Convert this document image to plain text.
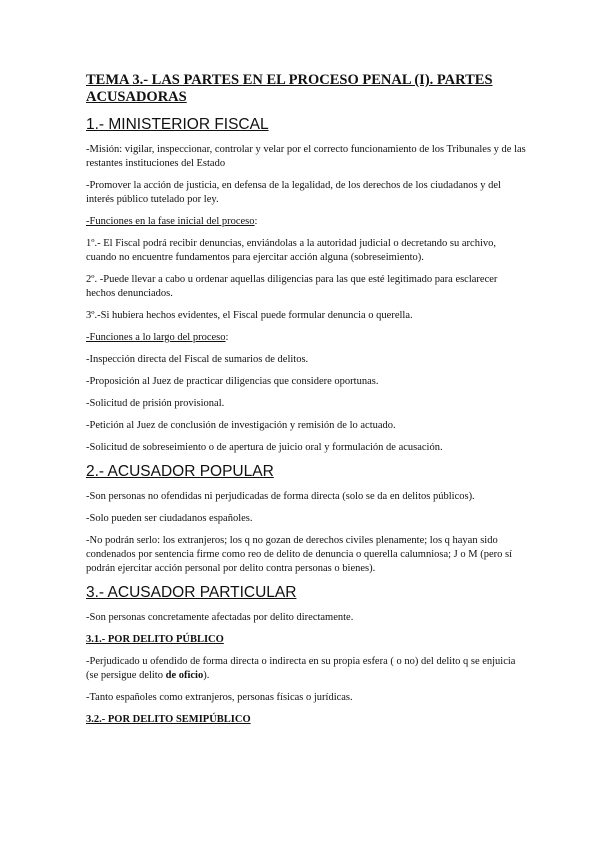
TEMA 3.- LAS PARTES EN EL PROCESO PENAL (I). PARTES ACUSADORAS
1.- MINISTERIOR FISCAL

-Misión: vigilar, inspeccionar, controlar y velar por el correcto funcionamiento de los Tribunales y de las restantes instituciones del Estado

-Promover la acción de justicia, en defensa de la legalidad, de los derechos de los ciudadanos y del interés público tutelado por ley.

-Funciones en la fase inicial del proceso:

1º.- El Fiscal podrá recibir denuncias, enviándolas a la autoridad judicial o decretando su archivo, cuando no encuentre fundamentos para ejercitar acción alguna (sobreseimiento).

2º. -Puede llevar a cabo u ordenar aquellas diligencias para las que esté legitimado para esclarecer hechos denunciados.

3º.-Si hubiera hechos evidentes, el Fiscal puede formular denuncia o querella.

-Funciones a lo largo del proceso:

-Inspección directa del Fiscal de sumarios de delitos.

-Proposición al Juez de practicar diligencias que considere oportunas.

-Solicitud de prisión provisional.

-Petición al Juez de conclusión de investigación y remisión de lo actuado.

-Solicitud de sobreseimiento o de apertura de juicio oral y formulación de acusación.

2.- ACUSADOR POPULAR

-Son personas no ofendidas ni perjudicadas de forma directa (solo se da en delitos públicos).

-Solo pueden ser ciudadanos españoles.

-No podrán serlo: los extranjeros; los q no gozan de derechos civiles plenamente; los q hayan sido condenados por sentencia firme como reo de delito de denuncia o querella calumniosa; J o M (pero sí podrán ejercitar acción personal por delito contra personas o bienes).

3.- ACUSADOR PARTICULAR

-Son personas concretamente afectadas por delito directamente.

3.1.- POR DELITO PÚBLICO

-Perjudicado u ofendido de forma directa o indirecta en su propia esfera ( o no) del delito q se enjuicia (se persigue delito de oficio).

-Tanto españoles como extranjeros, personas físicas o jurídicas.

3.2.- POR DELITO SEMIPÚBLICO
